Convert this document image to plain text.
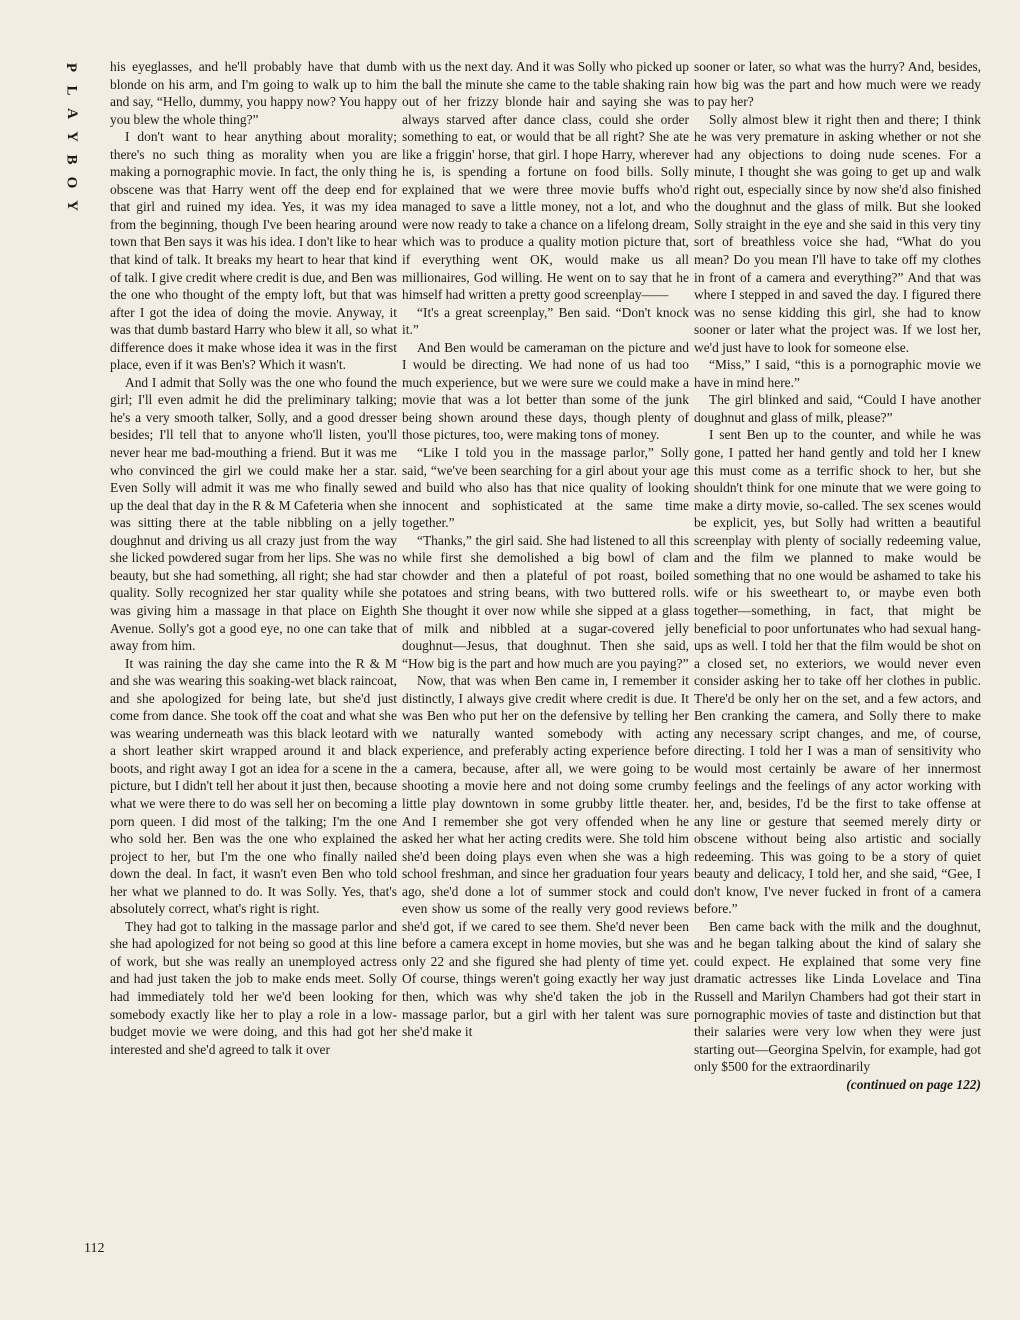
P
L
A
Y
B
O
Y

his eyeglasses, and he'll probably have that dumb blonde on his arm, and I'm going to walk up to him and say, “Hello, dummy, you happy now? You happy you blew the whole thing?”

I don't want to hear anything about morality; there's no such thing as morality when you are making a pornographic movie. In fact, the only thing obscene was that Harry went off the deep end for that girl and ruined my idea. Yes, it was my idea from the beginning, though I've been hearing around town that Ben says it was his idea. I don't like to hear that kind of talk. It breaks my heart to hear that kind of talk. I give credit where credit is due, and Ben was the one who thought of the empty loft, but that was after I got the idea of doing the movie. Anyway, it was that dumb bastard Harry who blew it all, so what difference does it make whose idea it was in the first place, even if it was Ben's? Which it wasn't.

And I admit that Solly was the one who found the girl; I'll even admit he did the preliminary talking; he's a very smooth talker, Solly, and a good dresser besides; I'll tell that to anyone who'll listen, you'll never hear me bad-mouthing a friend. But it was me who convinced the girl we could make her a star. Even Solly will admit it was me who finally sewed up the deal that day in the R & M Cafeteria when she was sitting there at the table nibbling on a jelly doughnut and driving us all crazy just from the way she licked powdered sugar from her lips. She was no beauty, but she had something, all right; she had star quality. Solly recognized her star quality while she was giving him a massage in that place on Eighth Avenue. Solly's got a good eye, no one can take that away from him.

It was raining the day she came into the R & M and she was wearing this soaking-wet black raincoat, and she apologized for being late, but she'd just come from dance. She took off the coat and what she was wearing underneath was this black leotard with a short leather skirt wrapped around it and black boots, and right away I got an idea for a scene in the picture, but I didn't tell her about it just then, because what we were there to do was sell her on becoming a porn queen. I did most of the talking; I'm the one who sold her. Ben was the one who explained the project to her, but I'm the one who finally nailed down the deal. In fact, it wasn't even Ben who told her what we planned to do. It was Solly. Yes, that's absolutely correct, what's right is right.

They had got to talking in the massage parlor and she had apologized for not being so good at this line of work, but she was really an unemployed actress and had just taken the job to make ends meet. Solly had immediately told her we'd been looking for somebody exactly like her to play a role in a low-budget movie we were doing, and this had got her interested and she'd agreed to talk it over

with us the next day. And it was Solly who picked up the ball the minute she came to the table shaking rain out of her frizzy blonde hair and saying she was always starved after dance class, could she order something to eat, or would that be all right? She ate like a friggin' horse, that girl. I hope Harry, wherever he is, is spending a fortune on food bills. Solly explained that we were three movie buffs who'd managed to save a little money, not a lot, and who were now ready to take a chance on a lifelong dream, which was to produce a quality motion picture that, if everything went OK, would make us all millionaires, God willing. He went on to say that he himself had written a pretty good screenplay——

“It's a great screenplay,” Ben said. “Don't knock it.”

And Ben would be cameraman on the picture and I would be directing. We had none of us had too much experience, but we were sure we could make a movie that was a lot better than some of the junk being shown around these days, though plenty of those pictures, too, were making tons of money.

“Like I told you in the massage parlor,” Solly said, “we've been searching for a girl about your age and build who also has that nice quality of looking innocent and sophisticated at the same time together.”

“Thanks,” the girl said. She had listened to all this while first she demolished a big bowl of clam chowder and then a plateful of pot roast, boiled potatoes and string beans, with two buttered rolls. She thought it over now while she sipped at a glass of milk and nibbled at a sugar-covered jelly doughnut—Jesus, that doughnut. Then she said, “How big is the part and how much are you paying?”

Now, that was when Ben came in, I remember it distinctly, I always give credit where credit is due. It was Ben who put her on the defensive by telling her we naturally wanted somebody with acting experience, and preferably acting experience before a camera, because, after all, we were going to be shooting a movie here and not doing some crumby little play downtown in some grubby little theater. And I remember she got very offended when he asked her what her acting credits were. She told him she'd been doing plays even when she was a high school freshman, and since her graduation four years ago, she'd done a lot of summer stock and could even show us some of the really very good reviews she'd got, if we cared to see them. She'd never been before a camera except in home movies, but she was only 22 and she figured she had plenty of time yet. Of course, things weren't going exactly her way just then, which was why she'd taken the job in the massage parlor, but a girl with her talent was sure she'd make it

sooner or later, so what was the hurry? And, besides, how big was the part and how much were we ready to pay her?

Solly almost blew it right then and there; I think he was very premature in asking whether or not she had any objections to doing nude scenes. For a minute, I thought she was going to get up and walk right out, especially since by now she'd also finished the doughnut and the glass of milk. But she looked Solly straight in the eye and she said in this very tiny sort of breathless voice she had, “What do you mean? Do you mean I'll have to take off my clothes in front of a camera and everything?” And that was where I stepped in and saved the day. I figured there was no sense kidding this girl, she had to know sooner or later what the project was. If we lost her, we'd just have to look for someone else.

“Miss,” I said, “this is a pornographic movie we have in mind here.”

The girl blinked and said, “Could I have another doughnut and glass of milk, please?”

I sent Ben up to the counter, and while he was gone, I patted her hand gently and told her I knew this must come as a terrific shock to her, but she shouldn't think for one minute that we were going to make a dirty movie, so-called. The sex scenes would be explicit, yes, but Solly had written a beautiful screenplay with plenty of socially redeeming value, and the film we planned to make would be something that no one would be ashamed to take his wife or his sweetheart to, or maybe even both together—something, in fact, that might be beneficial to poor unfortunates who had sexual hang-ups as well. I told her that the film would be shot on a closed set, no exteriors, we would never even consider asking her to take off her clothes in public. There'd be only her on the set, and a few actors, and Ben cranking the camera, and Solly there to make any necessary script changes, and me, of course, directing. I told her I was a man of sensitivity who would most certainly be aware of her innermost feelings and the feelings of any actor working with her, and, besides, I'd be the first to take offense at any line or gesture that seemed merely dirty or obscene without being also artistic and socially redeeming. This was going to be a story of quiet beauty and delicacy, I told her, and she said, “Gee, I don't know, I've never fucked in front of a camera before.”

Ben came back with the milk and the doughnut, and he began talking about the kind of salary she could expect. He explained that some very fine dramatic actresses like Linda Lovelace and Tina Russell and Marilyn Chambers had got their start in pornographic movies of taste and distinction but that their salaries were very low when they were just starting out—Georgina Spelvin, for example, had got only $500 for the extraordinarily

(continued on page 122)
112
